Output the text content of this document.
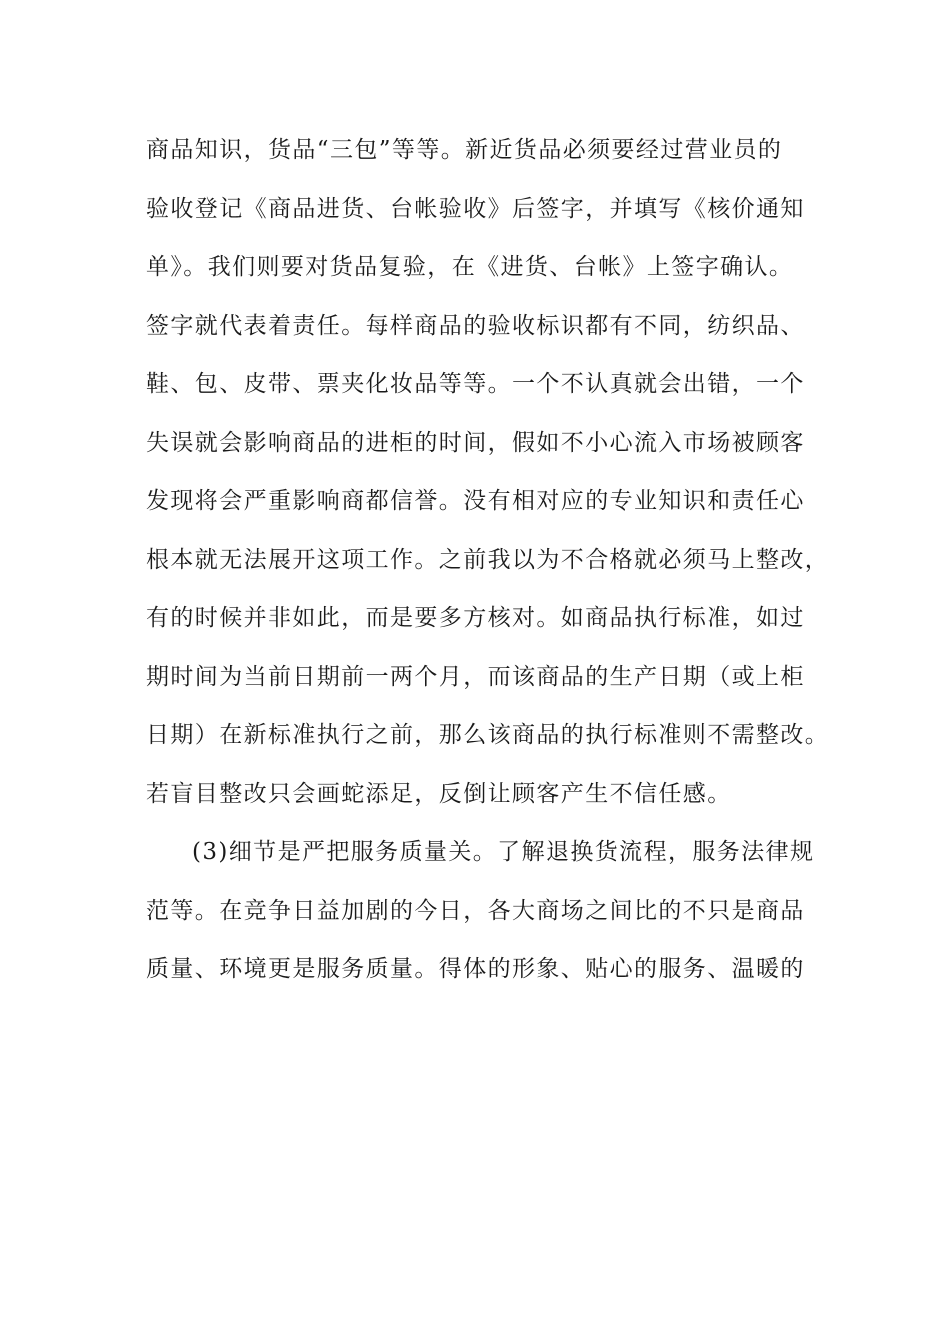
商品知识，货品“三包”等等。新近货品必须要经过营业员的
验收登记《商品进货、台帐验收》后签字，并填写《核价通知
单》。我们则要对货品复验，在《进货、台帐》上签字确认。
签字就代表着责任。每样商品的验收标识都有不同，纺织品、
鞋、包、皮带、票夹化妆品等等。一个不认真就会出错，一个
失误就会影响商品的进柜的时间，假如不小心流入市场被顾客
发现将会严重影响商都信誉。没有相对应的专业知识和责任心
根本就无法展开这项工作。之前我以为不合格就必须马上整改，
有的时候并非如此，而是要多方核对。如商品执行标准，如过
期时间为当前日期前一两个月，而该商品的生产日期（或上柜
日期）在新标准执行之前，那么该商品的执行标准则不需整改。
若盲目整改只会画蛇添足，反倒让顾客产生不信任感。
(3)细节是严把服务质量关。了解退换货流程，服务法律规
范等。在竞争日益加剧的今日，各大商场之间比的不只是商品
质量、环境更是服务质量。得体的形象、贴心的服务、温暖的
